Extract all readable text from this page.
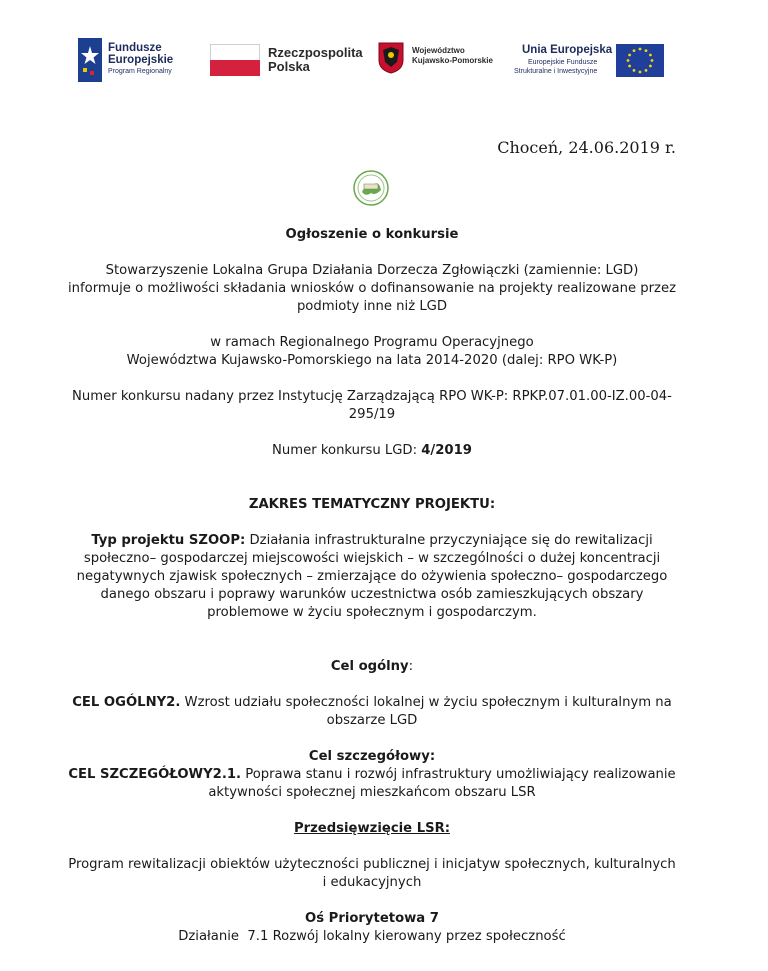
Fundusze
Europejskie
Program Regionalny
Rzeczpospolita
Polska
Województwo
Kujawsko-Pomorskie
Unia Europejska
Europejskie Fundusze
Strukturalne i Inwestycyjne
Choceń, 24.06.2019 r.

Ogłoszenie o konkursie

Stowarzyszenie Lokalna Grupa Działania Dorzecza Zgłowiączki (zamiennie: LGD)

informuje o możliwości składania wniosków o dofinansowanie na projekty realizowane przez

podmioty inne niż LGD

w ramach Regionalnego Programu Operacyjnego

Województwa Kujawsko-Pomorskiego na lata 2014-2020 (dalej: RPO WK-P)

Numer konkursu nadany przez Instytucję Zarządzającą RPO WK-P: RPKP.07.01.00-IZ.00-04-

295/19

Numer konkursu LGD: 4/2019

ZAKRES TEMATYCZNY PROJEKTU:

Typ projektu SZOOP: Działania infrastrukturalne przyczyniające się do rewitalizacji

społeczno– gospodarczej miejscowości wiejskich – w szczególności o dużej koncentracji

negatywnych zjawisk społecznych – zmierzające do ożywienia społeczno– gospodarczego

danego obszaru i poprawy warunków uczestnictwa osób zamieszkujących obszary

problemowe w życiu społecznym i gospodarczym.

Cel ogólny:

CEL OGÓLNY2. Wzrost udziału społeczności lokalnej w życiu społecznym i kulturalnym na

obszarze LGD

Cel szczegółowy:

CEL SZCZEGÓŁOWY2.1. Poprawa stanu i rozwój infrastruktury umożliwiający realizowanie

aktywności społecznej mieszkańcom obszaru LSR

Przedsięwzięcie LSR:

Program rewitalizacji obiektów użyteczności publicznej i inicjatyw społecznych, kulturalnych

i edukacyjnych

Oś Priorytetowa 7

Działanie  7.1 Rozwój lokalny kierowany przez społeczność
